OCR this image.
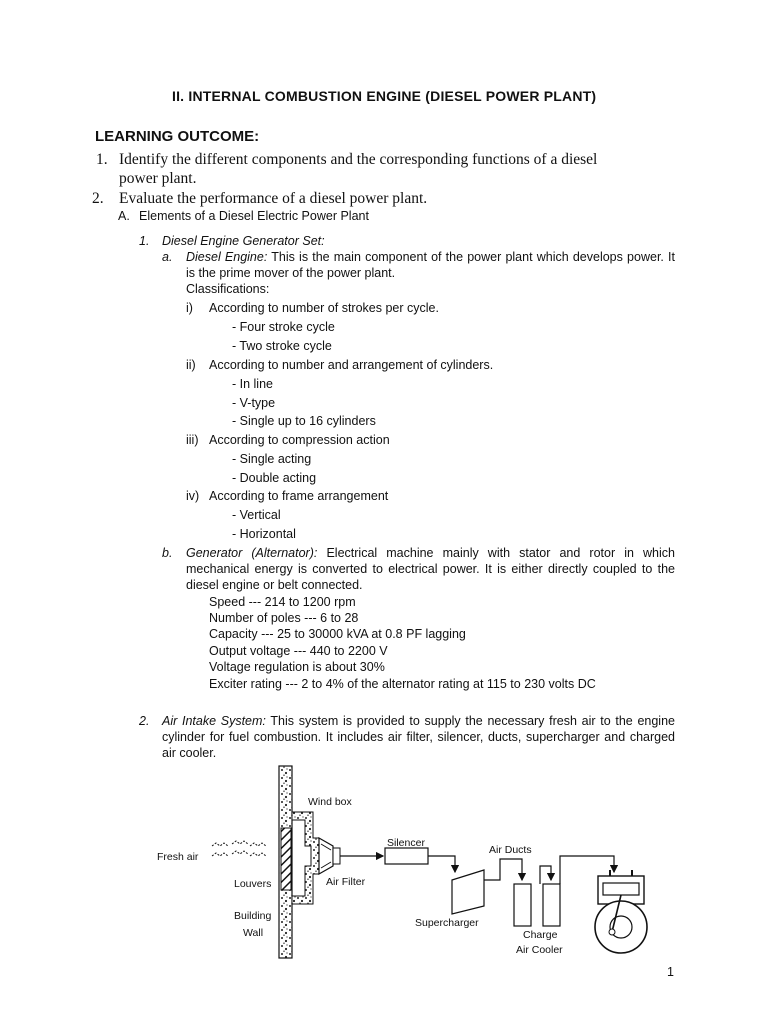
II. INTERNAL COMBUSTION ENGINE (DIESEL POWER PLANT)
LEARNING OUTCOME:
1. Identify the different components and the corresponding functions of a diesel
power plant.
2. Evaluate the performance of a diesel power plant.
A. Elements of a Diesel Electric Power Plant
1. Diesel Engine Generator Set:
a. Diesel Engine: This is the main component of the power plant which develops power. It is the prime mover of the power plant.
Classifications:
i) According to number of strokes per cycle.
- Four stroke cycle
- Two stroke cycle
ii) According to number and arrangement of cylinders.
- In line
- V-type
- Single up to 16 cylinders
iii) According to compression action
- Single acting
- Double acting
iv) According to frame arrangement
- Vertical
- Horizontal
b. Generator (Alternator): Electrical machine mainly with stator and rotor in which mechanical energy is converted to electrical power. It is either directly coupled to the diesel engine or belt connected.
Speed --- 214 to 1200 rpm
Number of poles --- 6 to 28
Capacity --- 25 to 30000 kVA at 0.8 PF lagging
Output voltage --- 440 to 2200 V
Voltage regulation is about 30%
Exciter rating --- 2 to 4% of the alternator rating at 115 to 230 volts DC
2. Air Intake System: This system is provided to supply the necessary fresh air to the engine cylinder for fuel combustion. It includes air filter, silencer, ducts, supercharger and charged air cooler.
Fresh air
Louvers
Building
Wall
Wind box
Air Filter
Silencer
Air Ducts
Supercharger
Charge
Air Cooler
1
